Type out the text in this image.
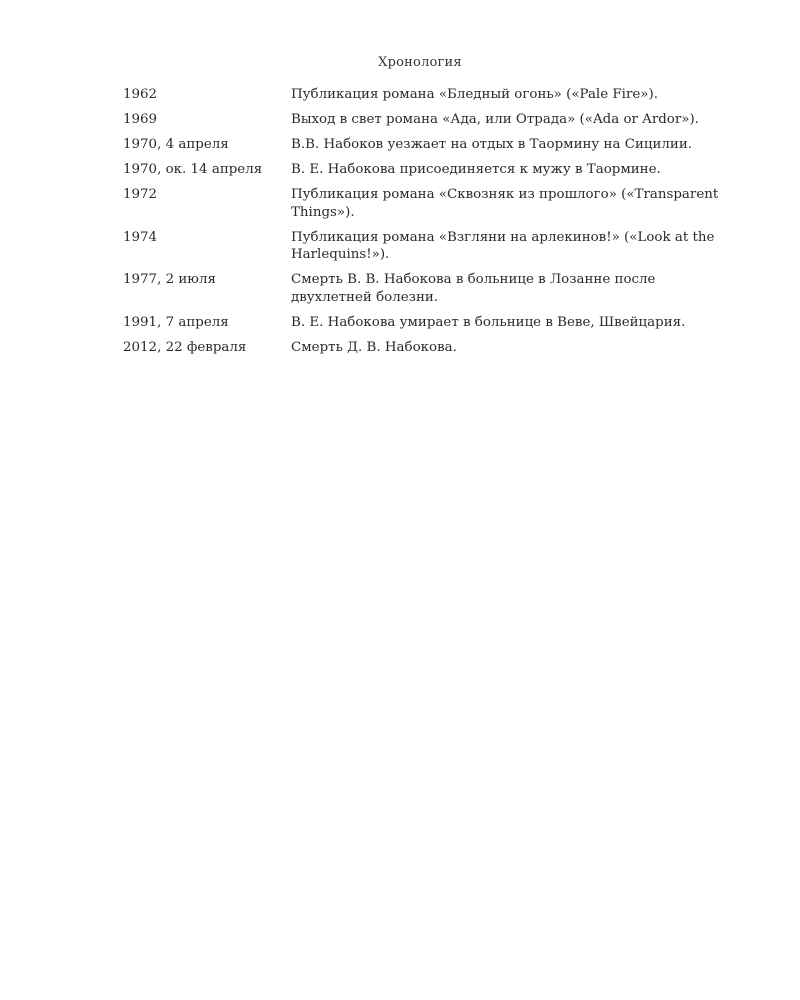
Хронология
1962	Публикация романа «Бледный огонь» («Pale Fire»).
1969	Выход в свет романа «Ада, или Отрада» («Ada or Ardor»).
1970, 4 апреля	В.В. Набоков уезжает на отдых в Таормину на Сицилии.
1970, ок. 14 апреля	В. Е. Набокова присоединяется к мужу в Таормине.
1972	Публикация романа «Сквозняк из прошлого» («Transparent Things»).
1974	Публикация романа «Взгляни на арлекинов!» («Look at the Harlequins!»).
1977, 2 июля	Смерть В. В. Набокова в больнице в Лозанне после двухлетней болезни.
1991, 7 апреля	В. Е. Набокова умирает в больнице в Веве, Швейцария.
2012, 22 февраля	Смерть Д. В. Набокова.
